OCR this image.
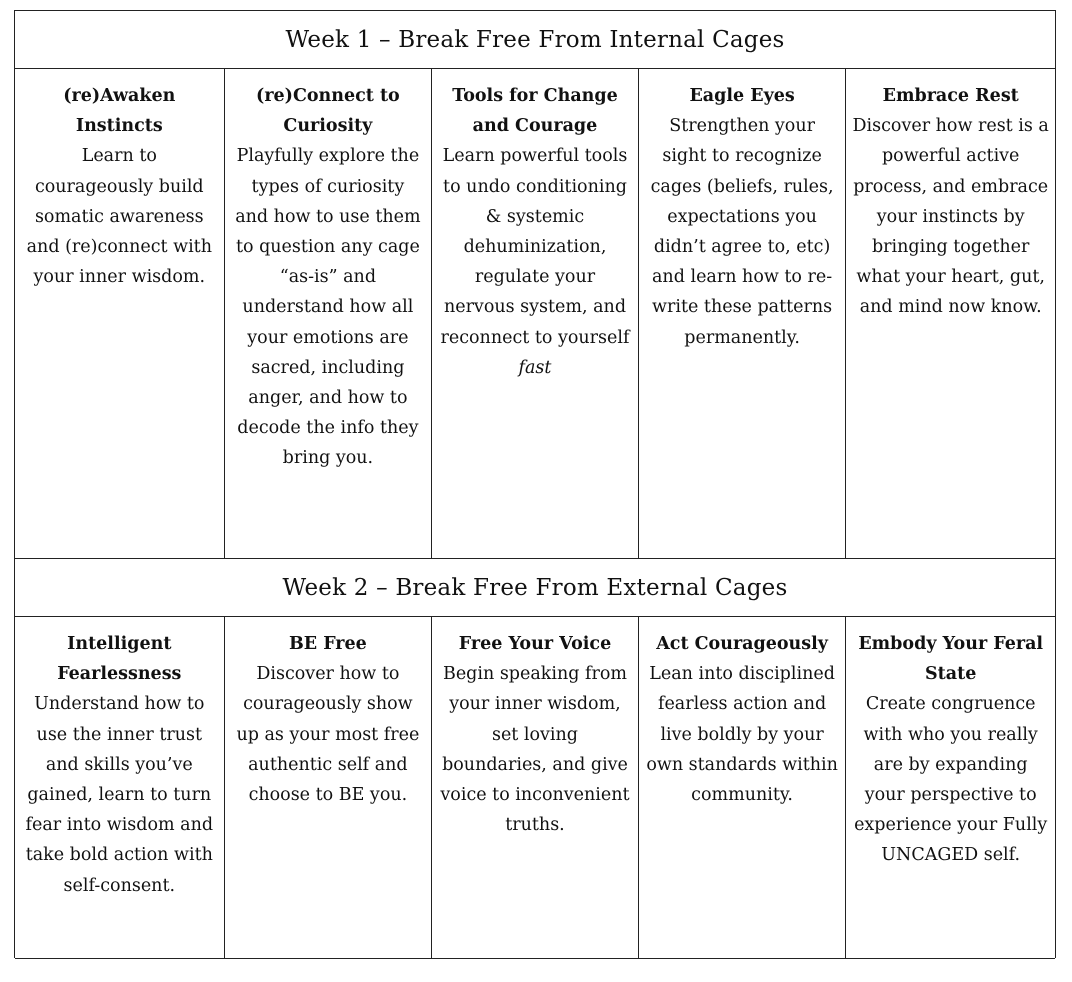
Week 1 – Break Free From Internal Cages
(re)Awaken Instincts
Learn to courageously build somatic awareness and (re)connect with your inner wisdom.
(re)Connect to Curiosity
Playfully explore the types of curiosity and how to use them to question any cage “as-is” and understand how all your emotions are sacred, including anger, and how to decode the info they bring you.
Tools for Change and Courage
Learn powerful tools to undo conditioning & systemic dehuminization, regulate your nervous system, and reconnect to yourself fast
Eagle Eyes
Strengthen your sight to recognize cages (beliefs, rules, expectations you didn’t agree to, etc) and learn how to re-write these patterns permanently.
Embrace Rest
Discover how rest is a powerful active process, and embrace your instincts by bringing together what your heart, gut, and mind now know.
Week 2 – Break Free From External Cages
Intelligent Fearlessness
Understand how to use the inner trust and skills you’ve gained, learn to turn fear into wisdom and take bold action with self-consent.
BE Free
Discover how to courageously show up as your most free authentic self and choose to BE you.
Free Your Voice
Begin speaking from your inner wisdom, set loving boundaries, and give voice to inconvenient truths.
Act Courageously
Lean into disciplined fearless action and live boldly by your own standards within community.
Embody Your Feral State
Create congruence with who you really are by expanding your perspective to experience your Fully UNCAGED self.
